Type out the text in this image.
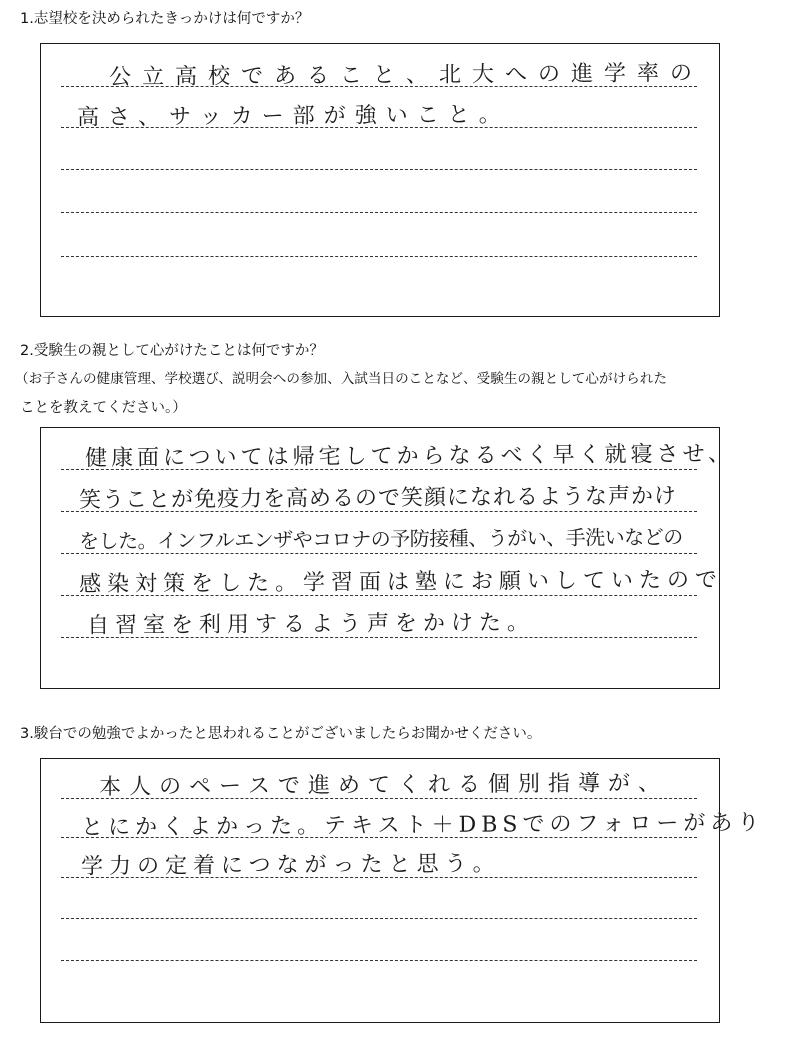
1.志望校を決められたきっかけは何ですか？
公立高校であること、北大への進学率の
高さ、サッカー部が強いこと。
2.受験生の親として心がけたことは何ですか？
（お子さんの健康管理、学校選び、説明会への参加、入試当日のことなど、受験生の親として心がけられた
ことを教えてください。）
健康面については帰宅してからなるべく早く就寝させ、
笑うことが免疫力を高めるので笑顔になれるような声かけ
をした。インフルエンザやコロナの予防接種、うがい、手洗いなどの
感染対策をした。学習面は塾にお願いしていたので
自習室を利用するよう声をかけた。
3.駿台での勉強でよかったと思われることがございましたらお聞かせください。
本人のペースで進めてくれる個別指導が、
とにかくよかった。テキスト＋DBSでのフォローがあり
学力の定着につながったと思う。
